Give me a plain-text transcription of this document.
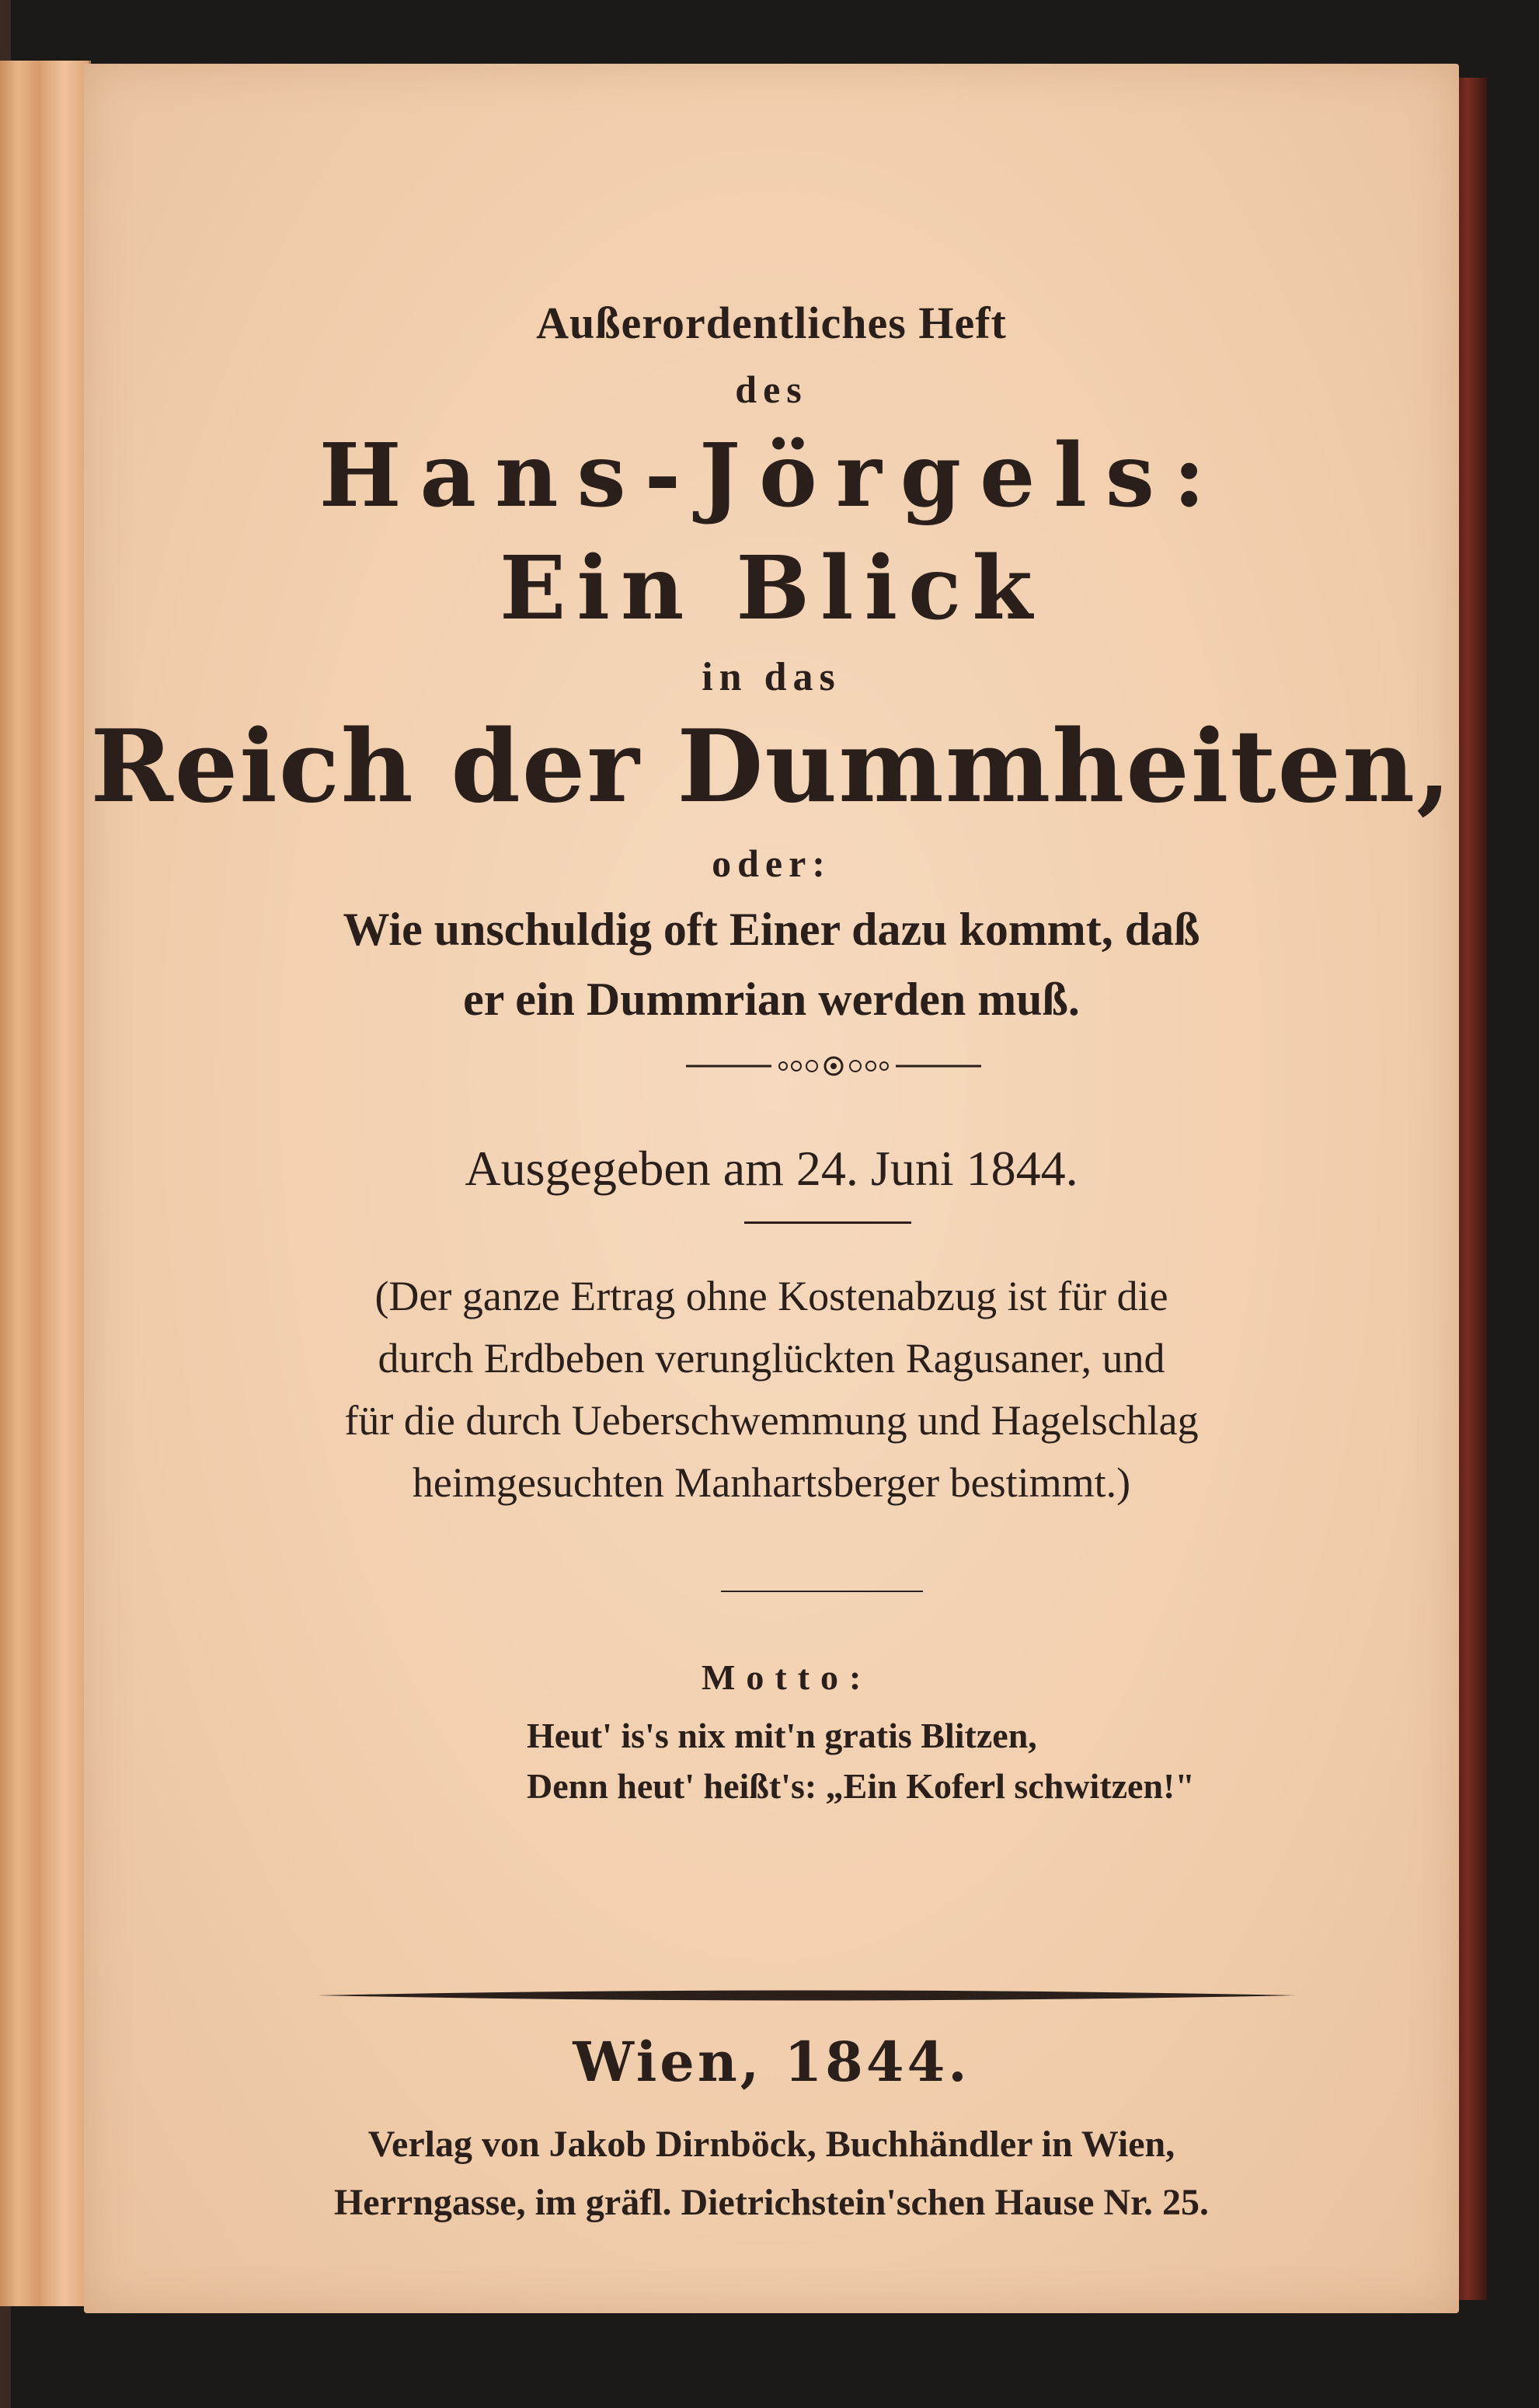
Außerordentliches Heft
des
Hans-Jörgels:
Ein Blick
in das
Reich der Dummheiten,
oder:
Wie unschuldig oft Einer dazu kommt, daß
er ein Dummrian werden muß.
Ausgegeben am 24. Juni 1844.
(Der ganze Ertrag ohne Kostenabzug ist für die
durch Erdbeben verunglückten Ragusaner, und
für die durch Ueberschwemmung und Hagelschlag
heimgesuchten Manhartsberger bestimmt.)
Motto:
Heut' is's nix mit'n gratis Blitzen,
Denn heut' heißt's: „Ein Koferl schwitzen!"
Wien, 1844.
Verlag von Jakob Dirnböck, Buchhändler in Wien,
Herrngasse, im gräfl. Dietrichstein'schen Hause Nr. 25.
